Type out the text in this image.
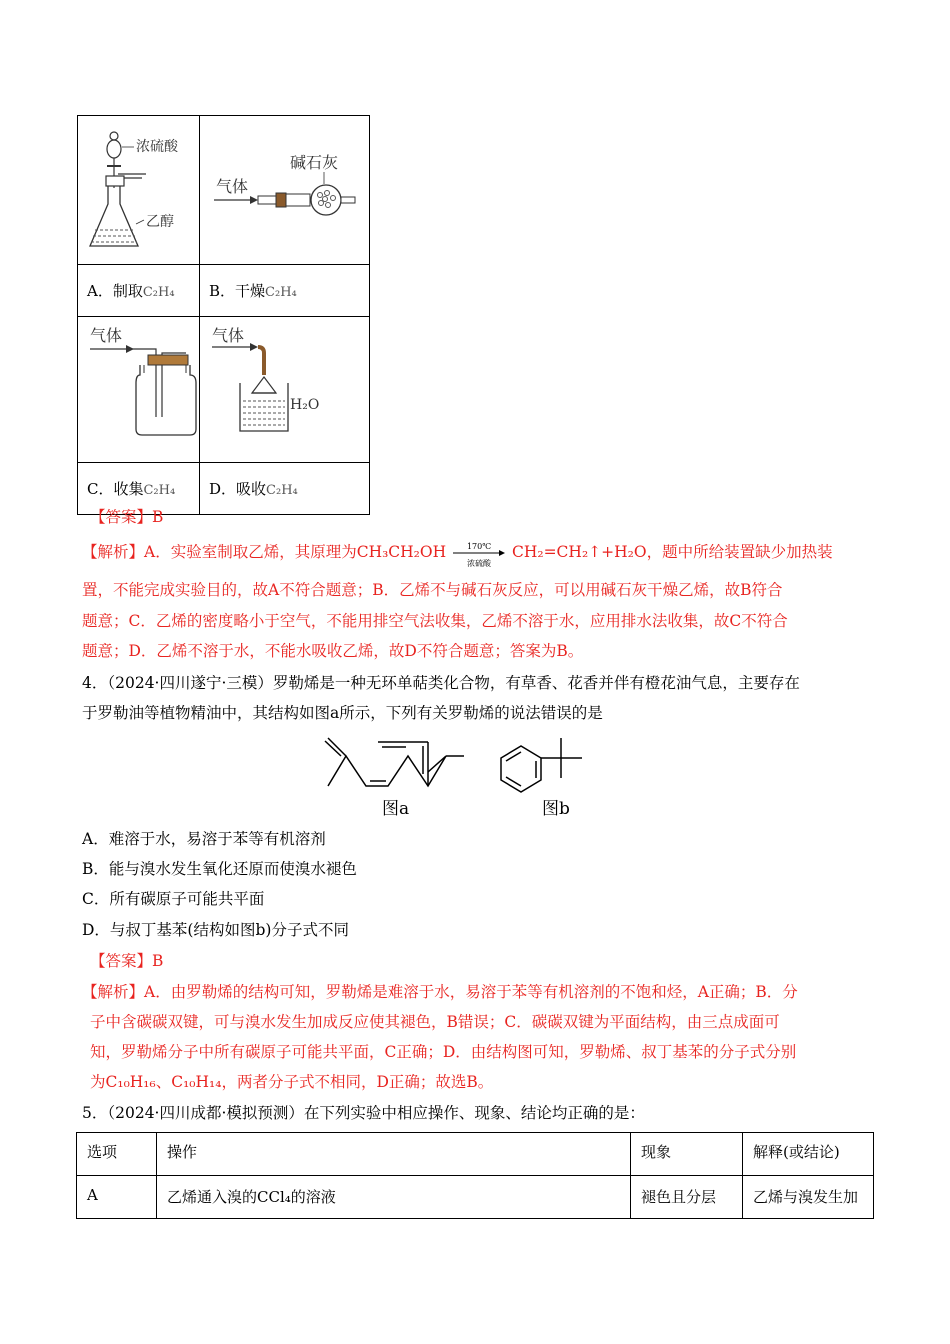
浓硫酸
乙醇	碱石灰
气体

A．制取C₂H₄	B．干燥C₂H₄

气体	气体
H₂O

C．收集C₂H₄	D．吸收C₂H₄
【答案】B
【解析】A．实验室制取乙烯，其原理为CH₃CH₂OH	170℃
浓硫酸
CH₂=CH₂↑+H₂O，题中所给装置缺少加热装
置，不能完成实验目的，故A不符合题意；B．乙烯不与碱石灰反应，可以用碱石灰干燥乙烯，故B符合
题意；C．乙烯的密度略小于空气，不能用排空气法收集，乙烯不溶于水，应用排水法收集，故C不符合
题意；D．乙烯不溶于水，不能水吸收乙烯，故D不符合题意；答案为B。
4．（2024·四川遂宁·三模）罗勒烯是一种无环单萜类化合物，有草香、花香并伴有橙花油气息，主要存在
于罗勒油等植物精油中，其结构如图a所示，下列有关罗勒烯的说法错误的是
图a	图b
A．难溶于水，易溶于苯等有机溶剂
B．能与溴水发生氧化还原而使溴水褪色
C．所有碳原子可能共平面
D．与叔丁基苯(结构如图b)分子式不同
【答案】B
【解析】A．由罗勒烯的结构可知，罗勒烯是难溶于水，易溶于苯等有机溶剂的不饱和烃，A正确；B．分
子中含碳碳双键，可与溴水发生加成反应使其褪色，B错误；C．碳碳双键为平面结构，由三点成面可
知，罗勒烯分子中所有碳原子可能共平面，C正确；D．由结构图可知，罗勒烯、叔丁基苯的分子式分别
为C₁₀H₁₆、C₁₀H₁₄，两者分子式不相同，D正确；故选B。
5．（2024·四川成都·模拟预测）在下列实验中相应操作、现象、结论均正确的是：
选项	操作	现象	解释(或结论)
A	乙烯通入溴的CCl₄的溶液	褪色且分层	乙烯与溴发生加
